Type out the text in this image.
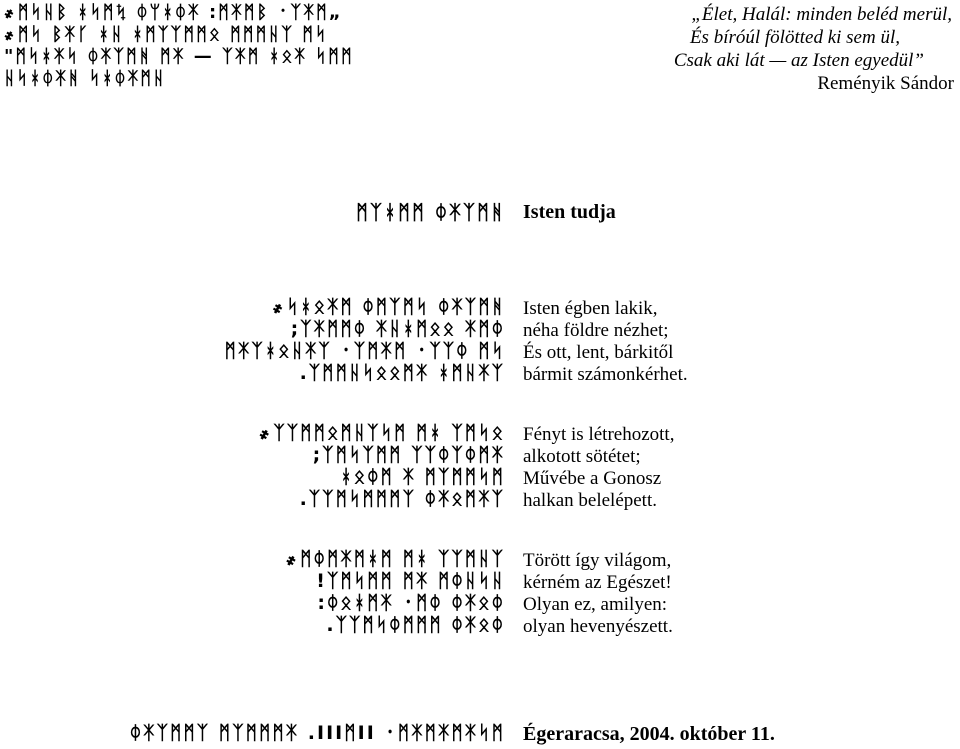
҂ᛗᛋᚺᛒ ᚼᛋᛗᛪ ᛰᛘᚼᛰᛡ :ᛗᛡᛗᛒ ᛫ᛉᛡᛗ„
҂ᛗᛋ ᛒᛡᚴ ᚼᚺ ᚼᛗᛉᛉᛗᛗᛟ ᛗᛗᛗᚺᛉ ᛗᛋ
"ᛗᛋᚼᛡᛋ ᛰᛡᛉᛗᚻ ᛗᛡ — ᛉᛡᛗ ᚼᛟᛡ ᛋᛗᛗ
ᚺᛋᚼᛰᛡᚻ ᛋᚼᛰᛡᛗᚺ
„Élet, Halál: minden beléd merül,
És bíróúl fölötted ki sem ül,
Csak aki lát — az Isten egyedül”
Reményik Sándor
ᛗᛉᚼᛗᛗ ᛰᛡᛉᛗᚻ Isten tudja
҂ᛋᚼᛟᛡᛗ ᛰᛗᛉᛗᛋ ᛰᛡᛉᛗᚻ
;ᛉᛡᛗᛗᛰ ᛡᚺᚼᛗᛟᛟ ᛡᛗᛰ
ᛗᛡᛉᚼᛟᚺᛡᛉ ᛫ᛉᛗᛡᛗ ᛫ᛉᛉᛰ ᛗᛋ
.ᛉᛗᛗᚺᛋᛟᛟᛗᛡ ᚼᛗᚺᛡᛉ
҂ᛉᛉᛗᛗᛟᛗᚺᛉᛋᛗ ᛗᚼ ᛉᛗᛋᛟ
;ᛉᛗᛋᛉᛗᛗ ᛉᛉᛰᛉᛰᛗᛡ
ᚼᛟᛰᛗ ᛡ ᛗᛉᛗᛗᛋᛗ
.ᛉᛉᛗᛋᛗᛗᛗᛉ ᛰᛡᛟᛗᛡᛉ
҂ᛗᛰᛗᛡᛗᚼᛗ ᛗᚼ ᛉᛉᛗᚺᛉ
!ᛉᛗᛋᛗᛗ ᛗᛡ ᛗᛰᚺᛋᚺ
:ᛰᛟᚼᛗᛡ ᛫ᛗᛰ ᛰᛡᛟᛰ
.ᛉᛉᛗᛋᛰᛗᛗᛗ ᛰᛡᛟᛰ
Isten égben lakik,
néha földre nézhet;
És ott, lent, bárkitől
bármit számonkérhet.
Fényt is létrehozott,
alkotott sötétet;
Művébe a Gonosz
halkan belelépett.
Törött így világom,
kérném az Egészet!
Olyan ez, amilyen:
olyan hevenyészett.
ᛰᛡᛉᛗᛗᛉ ᛗᛉᛗᛗᛗᛡ .IIIᛗII ᛫ᛗᛡᛗᛡᛗᛡᛋᛗ Égeraracsa, 2004. október 11.
